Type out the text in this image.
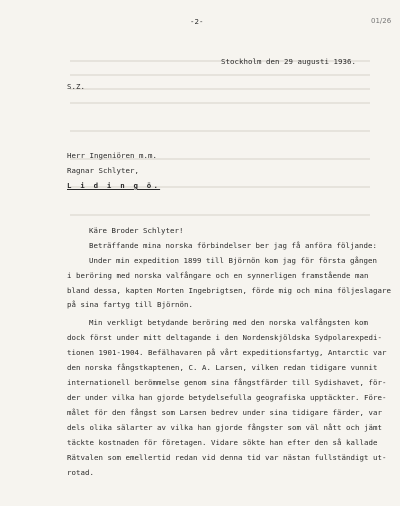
-2-	01/26
Stockholm den 29 augusti 1936.
S.Z.
Herr Ingeniören m.m.
Ragnar Schlyter,
L i d i n g ö.
Käre Broder Schlyter!
Beträffande mina norska förbindelser ber jag få anföra följande:
Under min expedition 1899 till Björnön kom jag för första gången
i beröring med norska valfångare och en synnerligen framstående man
bland dessa, kapten Morten Ingebrigtsen, förde mig och mina följeslagare
på sina fartyg till Björnön.
Min verkligt betydande beröring med den norska valfångsten kom
dock först under mitt deltagande i den Nordenskjöldska Sydpolarexpedi-
tionen 1901-1904. Befälhavaren på vårt expeditionsfartyg, Antarctic var
den norska fångstkaptenen, C. A. Larsen, vilken redan tidigare vunnit
internationell berömmelse genom sina fångstfärder till Sydishavet, för-
der under vilka han gjorde betydelsefulla geografiska upptäckter. Före-
målet för den fångst som Larsen bedrev under sina tidigare färder, var
dels olika sälarter av vilka han gjorde fångster som väl nått och jämt
täckte kostnaden för företagen. Vidare sökte han efter den så kallade
Rätvalen som emellertid redan vid denna tid var nästan fullständigt ut-
rotad.
